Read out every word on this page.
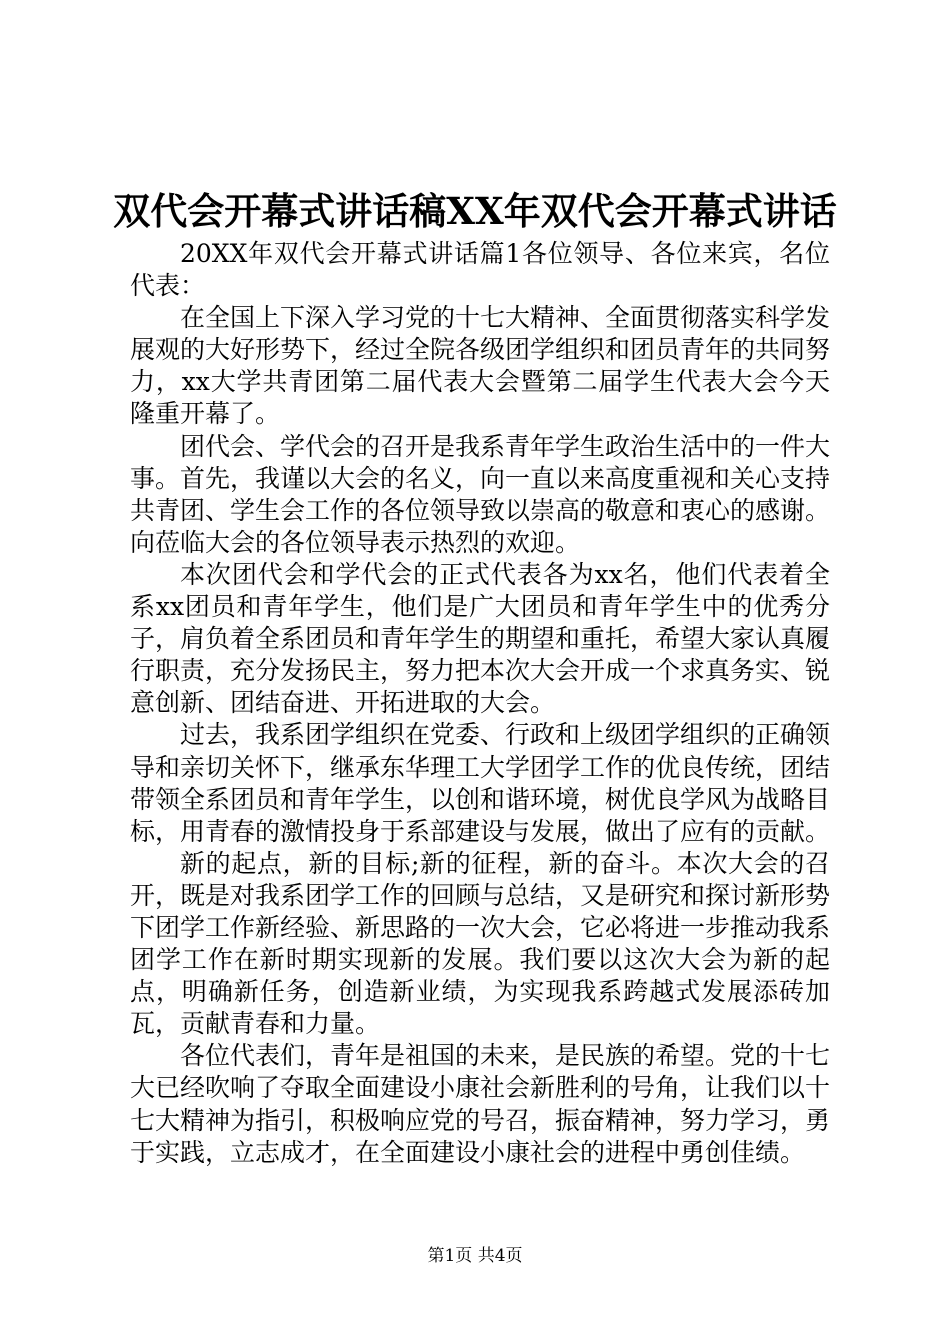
双代会开幕式讲话稿XX年双代会开幕式讲话

20XX年双代会开幕式讲话篇1各位领导、各位来宾，名位代表：

在全国上下深入学习党的十七大精神、全面贯彻落实科学发展观的大好形势下，经过全院各级团学组织和团员青年的共同努力，xx大学共青团第二届代表大会暨第二届学生代表大会今天隆重开幕了。

团代会、学代会的召开是我系青年学生政治生活中的一件大事。首先，我谨以大会的名义，向一直以来高度重视和关心支持共青团、学生会工作的各位领导致以崇高的敬意和衷心的感谢。向莅临大会的各位领导表示热烈的欢迎。

本次团代会和学代会的正式代表各为xx名，他们代表着全系xx团员和青年学生，他们是广大团员和青年学生中的优秀分子，肩负着全系团员和青年学生的期望和重托，希望大家认真履行职责，充分发扬民主，努力把本次大会开成一个求真务实、锐意创新、团结奋进、开拓进取的大会。

过去，我系团学组织在党委、行政和上级团学组织的正确领导和亲切关怀下，继承东华理工大学团学工作的优良传统，团结带领全系团员和青年学生，以创和谐环境，树优良学风为战略目标，用青春的激情投身于系部建设与发展，做出了应有的贡献。

新的起点，新的目标;新的征程，新的奋斗。本次大会的召开，既是对我系团学工作的回顾与总结，又是研究和探讨新形势下团学工作新经验、新思路的一次大会，它必将进一步推动我系团学工作在新时期实现新的发展。我们要以这次大会为新的起点，明确新任务，创造新业绩，为实现我系跨越式发展添砖加瓦，贡献青春和力量。

各位代表们，青年是祖国的未来，是民族的希望。党的十七大已经吹响了夺取全面建设小康社会新胜利的号角，让我们以十七大精神为指引，积极响应党的号召，振奋精神，努力学习，勇于实践，立志成才，在全面建设小康社会的进程中勇创佳绩。

第1页 共4页
